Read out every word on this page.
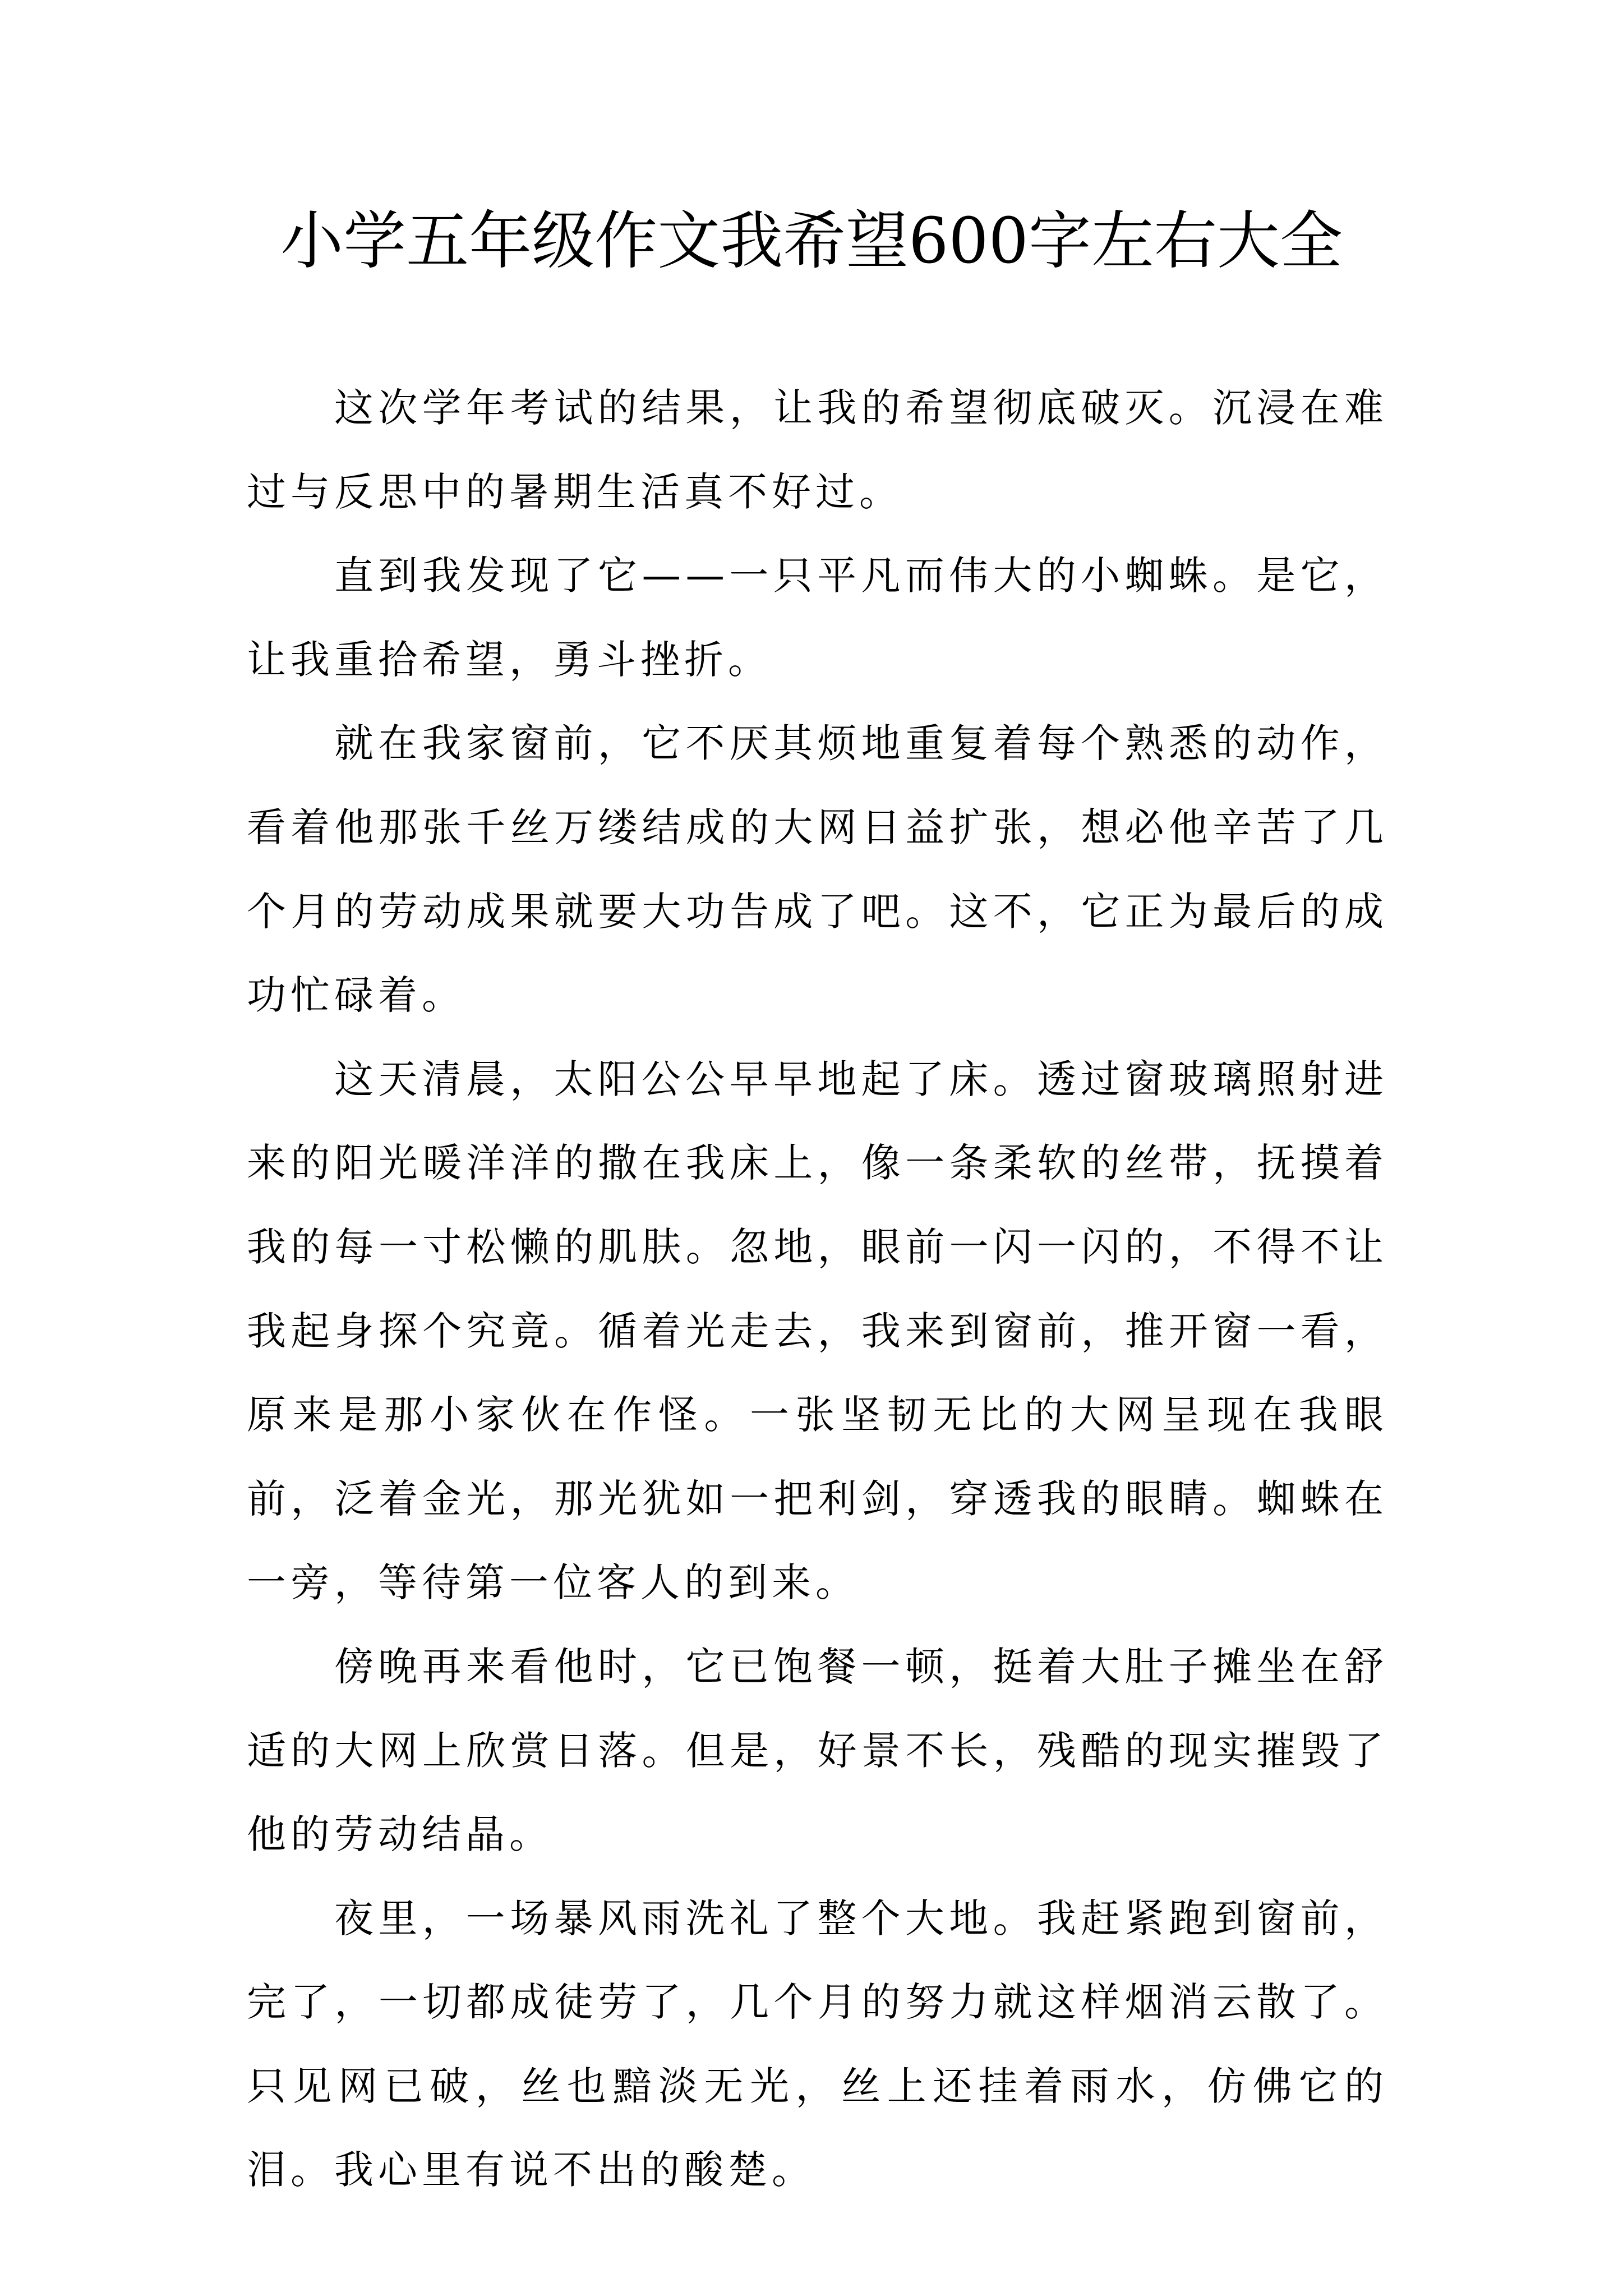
小学五年级作文我希望600字左右大全

这次学年考试的结果，让我的希望彻底破灭。沉浸在难过与反思中的暑期生活真不好过。

直到我发现了它——一只平凡而伟大的小蜘蛛。是它，让我重拾希望，勇斗挫折。

就在我家窗前，它不厌其烦地重复着每个熟悉的动作，看着他那张千丝万缕结成的大网日益扩张，想必他辛苦了几个月的劳动成果就要大功告成了吧。这不，它正为最后的成功忙碌着。

这天清晨，太阳公公早早地起了床。透过窗玻璃照射进来的阳光暖洋洋的撒在我床上，像一条柔软的丝带，抚摸着我的每一寸松懒的肌肤。忽地，眼前一闪一闪的，不得不让我起身探个究竟。循着光走去，我来到窗前，推开窗一看，原来是那小家伙在作怪。一张坚韧无比的大网呈现在我眼前，泛着金光，那光犹如一把利剑，穿透我的眼睛。蜘蛛在一旁，等待第一位客人的到来。

傍晚再来看他时，它已饱餐一顿，挺着大肚子摊坐在舒适的大网上欣赏日落。但是，好景不长，残酷的现实摧毁了他的劳动结晶。

夜里，一场暴风雨洗礼了整个大地。我赶紧跑到窗前，完了，一切都成徒劳了，几个月的努力就这样烟消云散了。只见网已破，丝也黯淡无光，丝上还挂着雨水，仿佛它的泪。我心里有说不出的酸楚。
